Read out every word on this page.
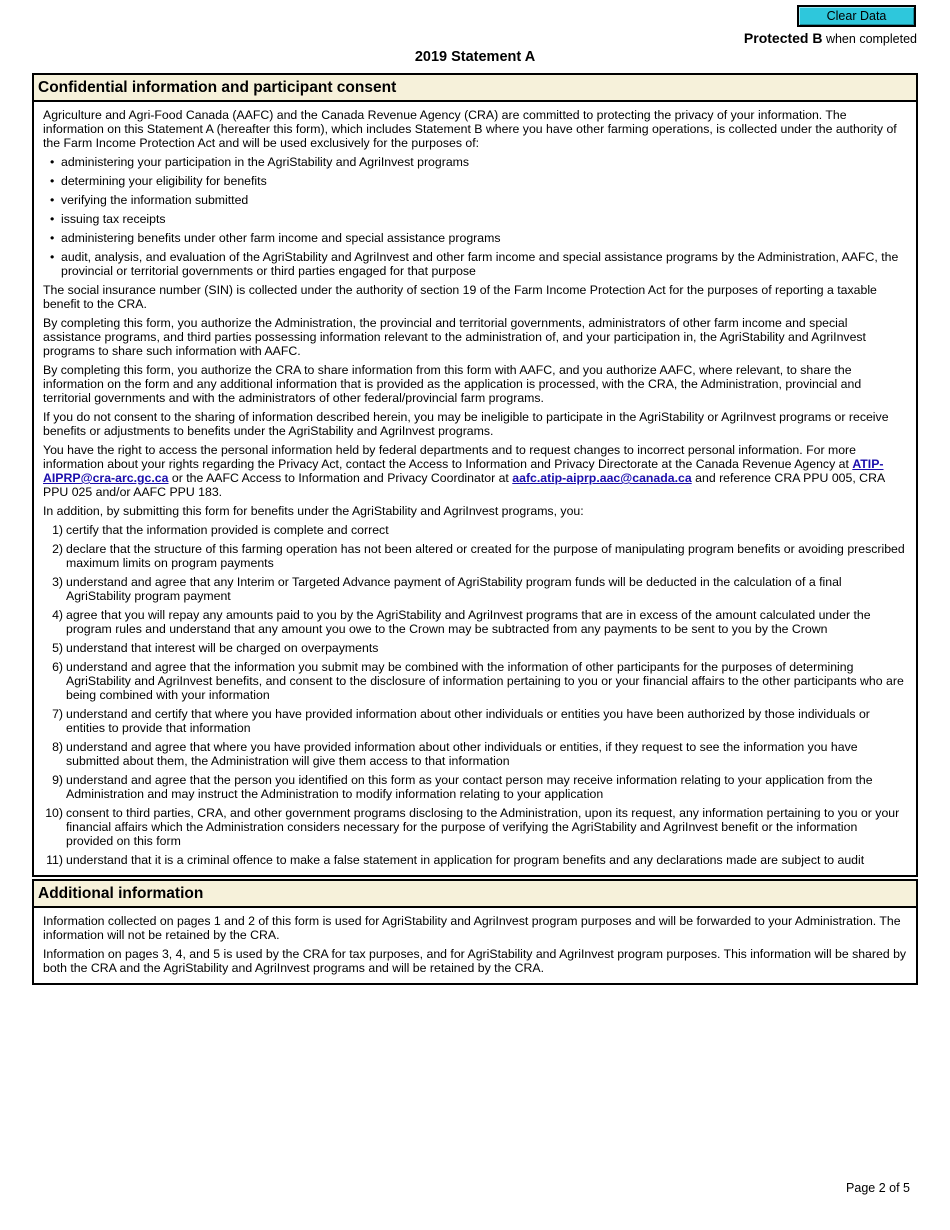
Clear Data
Protected B when completed
2019 Statement A
Confidential information and participant consent

Agriculture and Agri-Food Canada (AAFC) and the Canada Revenue Agency (CRA) are committed to protecting the privacy of your information. The information on this Statement A (hereafter this form), which includes Statement B where you have other farming operations, is collected under the authority of the Farm Income Protection Act and will be used exclusively for the purposes of:

• administering your participation in the AgriStability and AgriInvest programs
• determining your eligibility for benefits
• verifying the information submitted
• issuing tax receipts
• administering benefits under other farm income and special assistance programs
• audit, analysis, and evaluation of the AgriStability and AgriInvest and other farm income and special assistance programs by the Administration, AAFC, the provincial or territorial governments or third parties engaged for that purpose

The social insurance number (SIN) is collected under the authority of section 19 of the Farm Income Protection Act for the purposes of reporting a taxable benefit to the CRA.

By completing this form, you authorize the Administration, the provincial and territorial governments, administrators of other farm income and special assistance programs, and third parties possessing information relevant to the administration of, and your participation in, the AgriStability and AgriInvest programs to share such information with AAFC.

By completing this form, you authorize the CRA to share information from this form with AAFC, and you authorize AAFC, where relevant, to share the information on the form and any additional information that is provided as the application is processed, with the CRA, the Administration, provincial and territorial governments and with the administrators of other federal/provincial farm programs.

If you do not consent to the sharing of information described herein, you may be ineligible to participate in the AgriStability or AgriInvest programs or receive benefits or adjustments to benefits under the AgriStability and AgriInvest programs.

You have the right to access the personal information held by federal departments and to request changes to incorrect personal information. For more information about your rights regarding the Privacy Act, contact the Access to Information and Privacy Directorate at the Canada Revenue Agency at ATIP-AIPRP@cra-arc.gc.ca or the AAFC Access to Information and Privacy Coordinator at aafc.atip-aiprp.aac@canada.ca and reference CRA PPU 005, CRA PPU 025 and/or AAFC PPU 183.

In addition, by submitting this form for benefits under the AgriStability and AgriInvest programs, you:

1) certify that the information provided is complete and correct
2) declare that the structure of this farming operation has not been altered or created for the purpose of manipulating program benefits or avoiding prescribed maximum limits on program payments
3) understand and agree that any Interim or Targeted Advance payment of AgriStability program funds will be deducted in the calculation of a final AgriStability program payment
4) agree that you will repay any amounts paid to you by the AgriStability and AgriInvest programs that are in excess of the amount calculated under the program rules and understand that any amount you owe to the Crown may be subtracted from any payments to be sent to you by the Crown
5) understand that interest will be charged on overpayments
6) understand and agree that the information you submit may be combined with the information of other participants for the purposes of determining AgriStability and AgriInvest benefits, and consent to the disclosure of information pertaining to you or your financial affairs to the other participants who are being combined with your information
7) understand and certify that where you have provided information about other individuals or entities you have been authorized by those individuals or entities to provide that information
8) understand and agree that where you have provided information about other individuals or entities, if they request to see the information you have submitted about them, the Administration will give them access to that information
9) understand and agree that the person you identified on this form as your contact person may receive information relating to your application from the Administration and may instruct the Administration to modify information relating to your application
10) consent to third parties, CRA, and other government programs disclosing to the Administration, upon its request, any information pertaining to you or your financial affairs which the Administration considers necessary for the purpose of verifying the AgriStability and AgriInvest benefit or the information provided on this form
11) understand that it is a criminal offence to make a false statement in application for program benefits and any declarations made are subject to audit
Additional information

Information collected on pages 1 and 2 of this form is used for AgriStability and AgriInvest program purposes and will be forwarded to your Administration. The information will not be retained by the CRA.

Information on pages 3, 4, and 5 is used by the CRA for tax purposes, and for AgriStability and AgriInvest program purposes. This information will be shared by both the CRA and the AgriStability and AgriInvest programs and will be retained by the CRA.

Page 2 of 5
